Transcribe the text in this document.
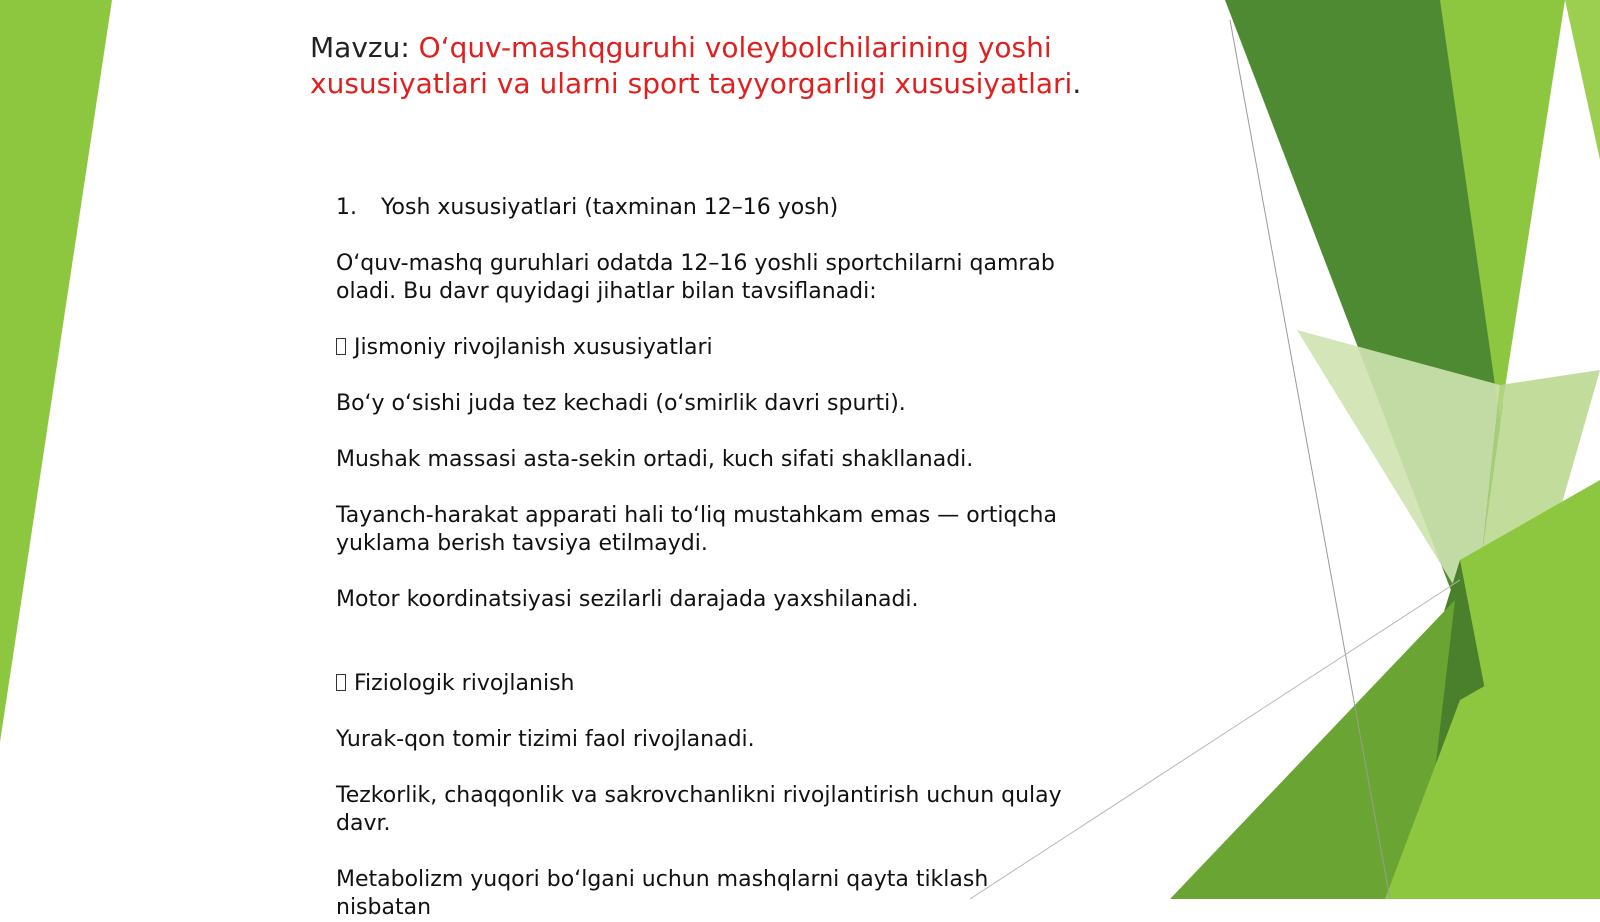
Mavzu: O‘quv-mashqguruhi voleybolchilarining yoshi xususiyatlari va ularni sport tayyorgarligi xususiyatlari.

1.	Yosh xususiyatlari (taxminan 12–16 yosh)

O‘quv-mashq guruhlari odatda 12–16 yoshli sportchilarni qamrab oladi. Bu davr quyidagi jihatlar bilan tavsiflanadi:

Jismoniy rivojlanish xususiyatlari

Bo‘y o‘sishi juda tez kechadi (o‘smirlik davri spurti).

Mushak massasi asta-sekin ortadi, kuch sifati shakllanadi.

Tayanch-harakat apparati hali to‘liq mustahkam emas — ortiqcha yuklama berish tavsiya etilmaydi.

Motor koordinatsiyasi sezilarli darajada yaxshilanadi.

Fiziologik rivojlanish

Yurak-qon tomir tizimi faol rivojlanadi.

Tezkorlik, chaqqonlik va sakrovchanlikni rivojlantirish uchun qulay davr.

Metabolizm yuqori bo‘lgani uchun mashqlarni qayta tiklash nisbatan
